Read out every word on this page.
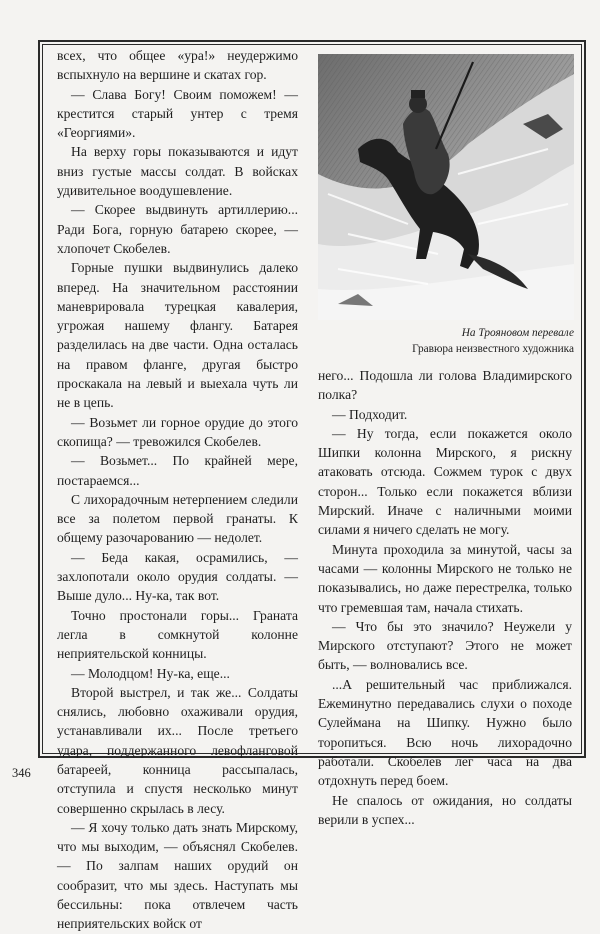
всех, что общее «ура!» неудержимо вспыхнуло на вершине и скатах гор.

— Слава Богу! Своим поможем! — крестится старый унтер с тремя «Георгиями».

На верху горы показываются и идут вниз густые массы солдат. В войсках удивительное воодушевление.

— Скорее выдвинуть артиллерию... Ради Бога, горную батарею скорее, — хлопочет Скобелев.

Горные пушки выдвинулись далеко вперед. На значительном расстоянии маневрировала турецкая кавалерия, угрожая нашему флангу. Батарея разделилась на две части. Одна осталась на правом фланге, другая быстро проскакала на левый и выехала чуть ли не в цепь.

— Возьмет ли горное орудие до этого скопища? — тревожился Скобелев.

— Возьмет... По крайней мере, постараемся...

С лихорадочным нетерпением следили все за полетом первой гранаты. К общему разочарованию — недолет.

— Беда какая, осрамились, — захлопотали около орудия солдаты. — Выше дуло... Ну-ка, так вот.

Точно простонали горы... Граната легла в сомкнутой колонне неприятельской конницы.

— Молодцом! Ну-ка, еще...

Второй выстрел, и так же... Солдаты снялись, любовно охаживали орудия, устанавливали их... После третьего удара, поддержанного левофланговой батареей, конница рассыпалась, отступила и спустя несколько минут совершенно скрылась в лесу.

— Я хочу только дать знать Мирскому, что мы выходим, — объяснял Скобелев. — По залпам наших орудий он сообразит, что мы здесь. Наступать мы бессильны: пока отвлечем часть неприятельских войск от

На Трояновом перевале
Гравюра неизвестного художника

него... Подошла ли голова Владимирского полка?

— Подходит.

— Ну тогда, если покажется около Шипки колонна Мирского, я рискну атаковать отсюда. Сожмем турок с двух сторон... Только если покажется вблизи Мирский. Иначе с наличными моими силами я ничего сделать не могу.

Минута проходила за минутой, часы за часами — колонны Мирского не только не показывались, но даже перестрелка, только что гремевшая там, начала стихать.

— Что бы это значило? Неужели у Мирского отступают? Этого не может быть, — волновались все.

...А решительный час приближался. Ежеминутно передавались слухи о походе Сулеймана на Шипку. Нужно было торопиться. Всю ночь лихорадочно работали. Скобелев лег часа на два отдохнуть перед боем.

Не спалось от ожидания, но солдаты верили в успех...

346
